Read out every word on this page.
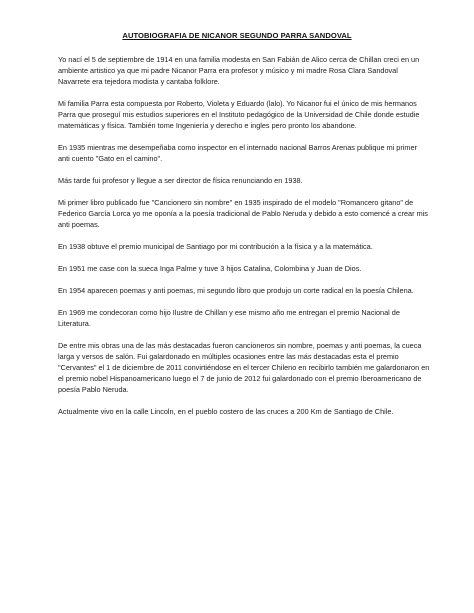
AUTOBIOGRAFIA DE NICANOR SEGUNDO PARRA SANDOVAL

Yo nací el 5 de septiembre de 1914 en una familia modesta en San Fabián de Alico cerca de Chillan creci en un ambiente artistico ya que mi padre Nicanor Parra era profesor y músico y mi madre Rosa Clara Sandoval Navarrete era tejedora modista y cantaba folklore.

Mi familia Parra esta compuesta por Roberto, Violeta y Eduardo (lalo). Yo Nicanor fui el único de mis hermanos Parra que proseguí mis estudios superiores en el Instituto pedagógico de la Universidad de Chile donde estudie matemáticas y física. También tome Ingeniería y derecho e ingles pero pronto los abandone.

En 1935 mientras me desempeñaba como inspector en el internado nacional Barros Arenas publique mi primer anti cuento "Gato en el camino".

Más tarde fui profesor y llegue a ser director de física renunciando en 1938.

Mi primer libro publicado fue "Cancionero sin nombre" en 1935 inspirado de el modelo "Romancero gitano" de Federico García Lorca yo me oponía a la poesía tradicional de Pablo Neruda y debido a esto comencé a crear mis anti poemas.

En 1938 obtuve el premio municipal de Santiago por mi contribución a la física y a la matemática.

En 1951 me case con la sueca Inga Palme y tuve 3 hijos Catalina, Colombina y Juan de Dios.

En 1954 aparecen poemas y anti poemas, mi segundo libro que produjo un corte radical en la poesía Chilena.

En 1969 me condecoran como hijo Ilustre de Chillan y ese mismo año me entregan el premio Nacional de Literatura.

De entre mis obras una de las más destacadas fueron cancioneros sin nombre, poemas y anti poemas, la cueca larga y versos de salón. Fui galardonado en múltiples ocasiones entre las más destacadas esta el premio "Cervantes" el 1 de diciembre de 2011 convirtiéndose en el tercer Chileno en recibirlo también me galardonaron en el premio nobel Hispanoamericano luego el 7 de junio de 2012 fui galardonado con el premio Iberoamericano de poesía Pablo Neruda.

Actualmente vivo en la calle Lincoln, en el pueblo costero de las cruces a 200 Km de Santiago de Chile.
